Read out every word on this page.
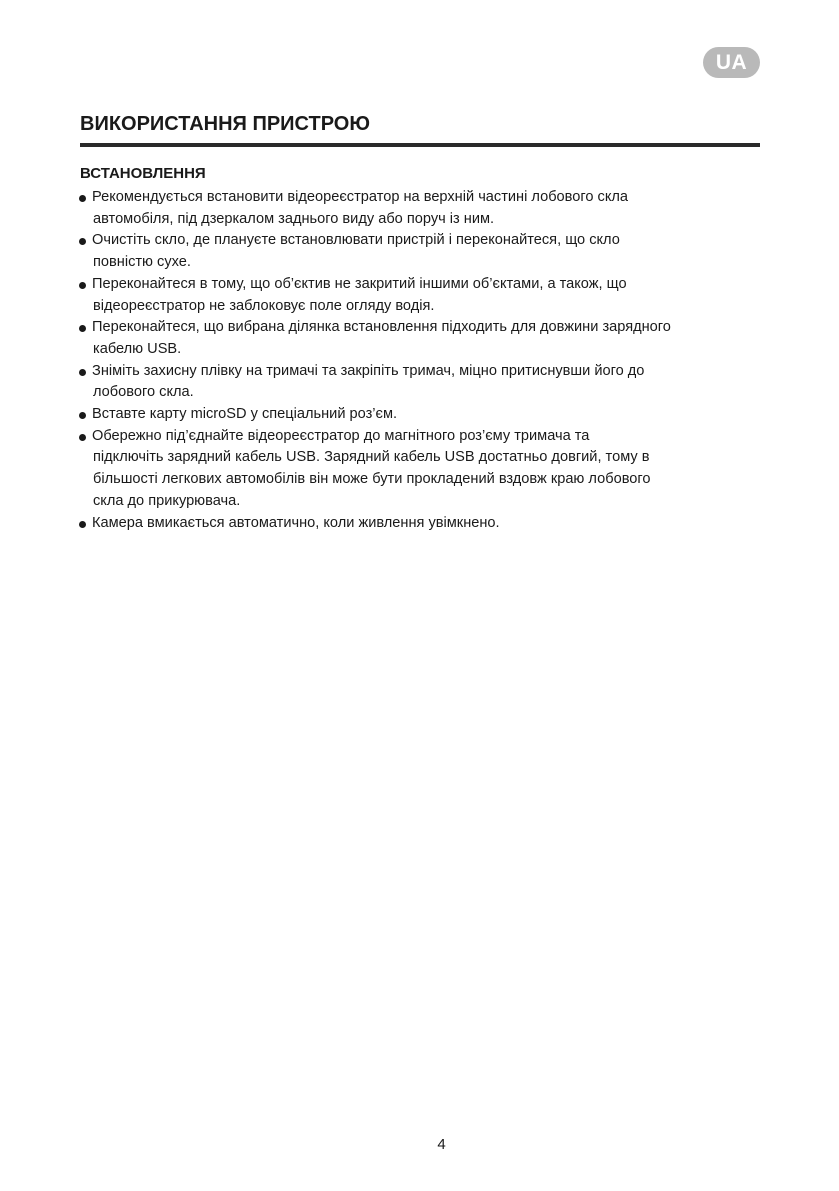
UA
ВИКОРИСТАННЯ ПРИСТРОЮ
ВСТАНОВЛЕННЯ
Рекомендується встановити відеореєстратор на верхній частині лобового скла
автомобіля, під дзеркалом заднього виду або поруч із ним.
Очистіть скло, де плануєте встановлювати пристрій і переконайтеся, що скло
повністю сухе.
Переконайтеся в тому, що об’єктив не закритий іншими об’єктами, а також, що
відеореєстратор не заблоковує поле огляду водія.
Переконайтеся, що вибрана ділянка встановлення підходить для довжини зарядного
кабелю USB.
Зніміть захисну плівку на тримачі та закріпіть тримач, міцно притиснувши його до
лобового скла.
Вставте карту microSD у спеціальний роз’єм.
Обережно під’єднайте відеореєстратор до магнітного роз’єму тримача та
підключіть зарядний кабель USB. Зарядний кабель USB достатньо довгий, тому в
більшості легкових автомобілів він може бути прокладений вздовж краю лобового
скла до прикурювача.
Камера вмикається автоматично, коли живлення увімкнено.
4
